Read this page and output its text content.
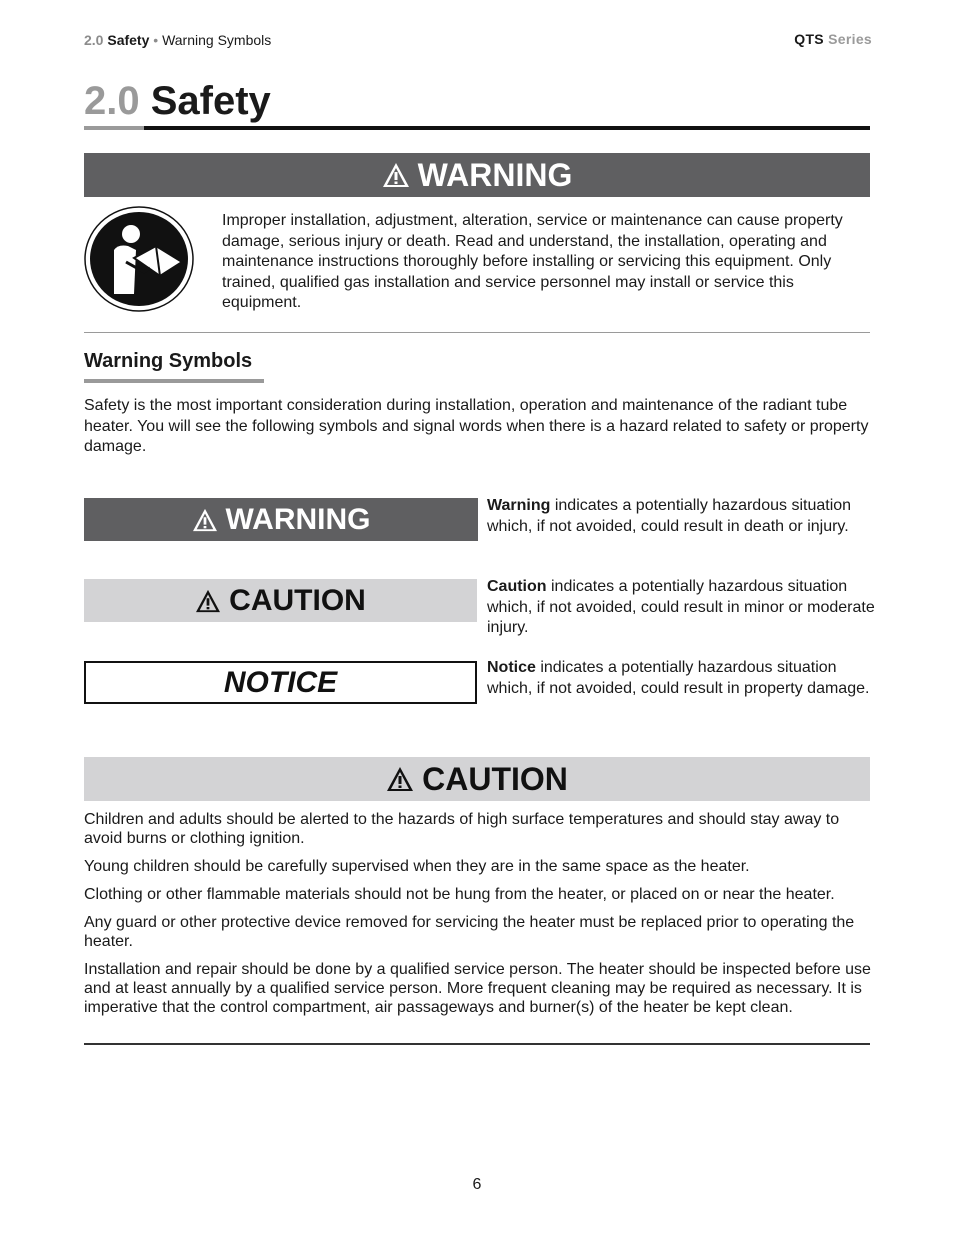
2.0 Safety • Warning Symbols	QTS Series
2.0 Safety
WARNING
Improper installation, adjustment, alteration, service or maintenance can cause property damage, serious injury or death. Read and understand, the installation, operating and maintenance instructions thoroughly before installing or servicing this equipment. Only trained, qualified gas installation and service personnel may install or service this equipment.
Warning Symbols
Safety is the most important consideration during installation, operation and maintenance of the radiant tube heater. You will see the following symbols and signal words when there is a hazard related to safety or property damage.
WARNING	Warning indicates a potentially hazardous situation which, if not avoided, could result in death or injury.
CAUTION	Caution indicates a potentially hazardous situation which, if not avoided, could result in minor or moderate injury.
NOTICE	Notice indicates a potentially hazardous situation which, if not avoided, could result in property damage.
CAUTION

Children and adults should be alerted to the hazards of high surface temperatures and should stay away to avoid burns or clothing ignition.

Young children should be carefully supervised when they are in the same space as the heater.

Clothing or other flammable materials should not be hung from the heater, or placed on or near the heater.

Any guard or other protective device removed for servicing the heater must be replaced prior to operating the heater.

Installation and repair should be done by a qualified service person. The heater should be inspected before use and at least annually by a qualified service person. More frequent cleaning may be required as necessary. It is imperative that the control compartment, air passageways and burner(s) of the heater be kept clean.

6
